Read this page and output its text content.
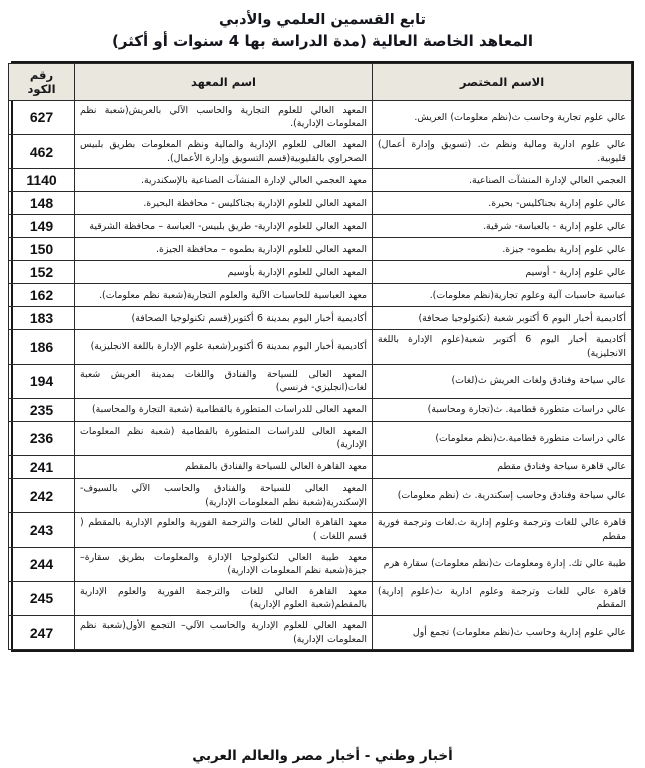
تابع القسمين العلمي والأدبي
المعاهد الخاصة العالية (مدة الدراسة بها 4 سنوات أو أكثر)
الاسم المختصر	اسم المعهد	رقم الكود
عالي علوم تجارية وحاسب ث(نظم معلومات) العريش.	المعهد العالي للعلوم التجارية والحاسب الآلي بالعريش(شعبة نظم المعلومات الإدارية).	627
عالي علوم ادارية ومالية ونظم ث. (تسويق وإدارة أعمال) قليوبية.	المعهد العالى للعلوم الإدارية والمالية ونظم المعلومات بطريق بلبيس الصحراوي بالقليوبية(قسم التسويق وإدارة الأعمال).	462
العجمي العالي لإدارة المنشآت الصناعية.	معهد العجمي العالي لإدارة المنشآت الصناعية بالإسكندرية.	1140
عالي علوم إدارية بجناكليس- بحيرة.	المعهد العالي للعلوم الإدارية بجناكليس - محافظة البحيرة.	148
عالي علوم إدارية - بالعباسة- شرقية.	المعهد العالي للعلوم الإدارية- طريق بلبيس- العباسة – محافظة الشرقية	149
عالي علوم إدارية بطموه- جيزة.	المعهد العالي للعلوم الإدارية بطموه – محافظة الجيزة.	150
عالي علوم إدارية - أوسيم	المعهد العالي للعلوم الإدارية بأوسيم	152
عباسية حاسبات آلية وعلوم تجارية(نظم معلومات).	معهد العباسية للحاسبات الآلية والعلوم التجارية(شعبة نظم معلومات).	162
أكاديمية أخبار اليوم 6 أكتوبر شعبة (تكنولوجيا صحافة)	أكاديمية أخبار اليوم بمدينة 6 أكتوبر(قسم تكنولوجيا الصحافة)	183
أكاديمية أخبار اليوم 6 أكتوبر شعبة(علوم الإدارة باللغة الانجليزية)	أكاديمية أخبار اليوم بمدينة 6 أكتوبر(شعبة علوم الإدارة باللغة الانجليزية)	186
عالي سياحة وفنادق ولغات العريش ث(لغات)	المعهد العالى للسياحة والفنادق واللغات بمدينة العريش شعبة لغات(انجليزي- فرنسي)	194
عالي دراسات متطورة قطامية. ث(تجارة ومحاسبة)	المعهد العالى للدراسات المتطورة بالقطامية (شعبة التجارة والمحاسبة)	235
عالي دراسات متطورة قطامية.ث(نظم معلومات)	المعهد العالى للدراسات المتطورة بالقطامية (شعبة نظم المعلومات الإدارية)	236
عالي قاهرة سياحة وفنادق مقطم	معهد القاهرة العالي للسياحة والفنادق بالمقطم	241
عالي سياحة وفنادق وحاسب إسكندرية. ث (نظم معلومات)	المعهد العالى للسياحة والفنادق والحاسب الآلي بالسيوف- الإسكندرية(شعبة نظم المعلومات الإدارية)	242
قاهرة عالي للغات وترجمة وعلوم إدارية ث.لغات وترجمة فورية مقطم	معهد القاهرة العالي للغات والترجمة الفورية والعلوم الإدارية بالمقطم ( قسم اللغات )	243
طيبة عالي تك. إدارة ومعلومات ث(نظم معلومات) سقارة هرم	معهد طيبة العالي لتكنولوجيا الإدارة والمعلومات بطريق سقارة–جيزة(شعبة نظم المعلومات الإدارية)	244
قاهرة عالي للغات وترجمة وعلوم ادارية ث(علوم إدارية) المقطم	معهد القاهرة العالي للغات والترجمة الفورية والعلوم الإدارية بالمقطم(شعبة العلوم الإدارية)	245
عالي علوم إدارية وحاسب ث(نظم معلومات) تجمع أول	المعهد العالي للعلوم الإدارية والحاسب الآلي– التجمع الأول(شعبة نظم المعلومات الإدارية)	247
أخبار وطني - أخبار مصر والعالم العربي
